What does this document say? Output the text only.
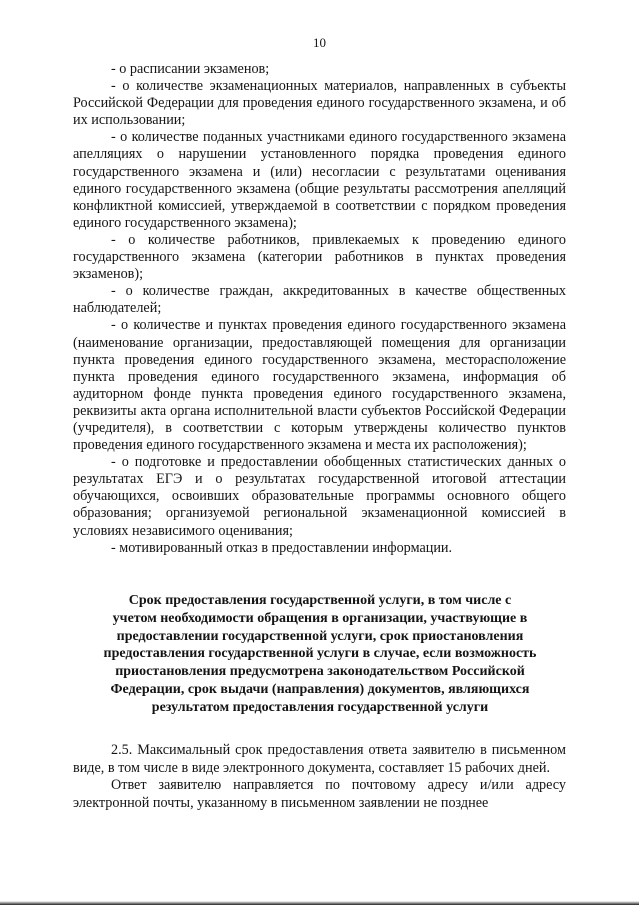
10

- о расписании экзаменов;

- о количестве экзаменационных материалов, направленных в субъекты Российской Федерации для проведения единого государственного экзамена, и об их использовании;

- о количестве поданных участниками единого государственного экзамена апелляциях о нарушении установленного порядка проведения единого государственного экзамена и (или) несогласии с результатами оценивания единого государственного экзамена (общие результаты рассмотрения апелляций конфликтной комиссией, утверждаемой в соответствии с порядком проведения единого государственного экзамена);

- о количестве работников, привлекаемых к проведению единого государственного экзамена (категории работников в пунктах проведения экзаменов);

- о количестве граждан, аккредитованных в качестве общественных наблюдателей;

- о количестве и пунктах проведения единого государственного экзамена (наименование организации, предоставляющей помещения для организации пункта проведения единого государственного экзамена, месторасположение пункта проведения единого государственного экзамена, информация об аудиторном фонде пункта проведения единого государственного экзамена, реквизиты акта органа исполнительной власти субъектов Российской Федерации (учредителя), в соответствии с которым утверждены количество пунктов проведения единого государственного экзамена и места их расположения);

- о подготовке и предоставлении обобщенных статистических данных о результатах ЕГЭ и о результатах государственной итоговой аттестации обучающихся, освоивших образовательные программы основного общего образования; организуемой региональной экзаменационной комиссией в условиях независимого оценивания;

- мотивированный отказ в предоставлении информации.

Срок предоставления государственной услуги, в том числе с

учетом необходимости обращения в организации, участвующие в

предоставлении государственной услуги, срок приостановления

предоставления государственной услуги в случае, если возможность

приостановления предусмотрена законодательством Российской

Федерации, срок выдачи (направления) документов, являющихся

результатом предоставления государственной услуги

2.5. Максимальный срок предоставления ответа заявителю в письменном виде, в том числе в виде электронного документа, составляет 15 рабочих дней.

Ответ заявителю направляется по почтовому адресу и/или адресу электронной почты, указанному в письменном заявлении не позднее
